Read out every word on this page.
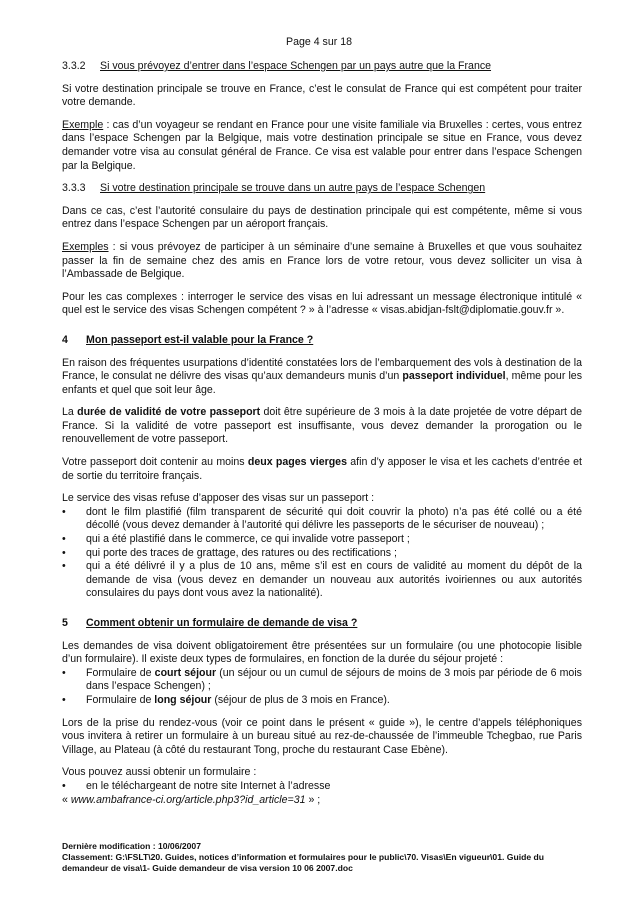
Page 4 sur 18
3.3.2	Si vous prévoyez d’entrer dans l’espace Schengen par un pays autre que la France

Si votre destination principale se trouve en France, c’est le consulat de France qui est compétent pour traiter votre demande.

Exemple : cas d’un voyageur se rendant en France pour une visite familiale via Bruxelles : certes, vous entrez dans l’espace Schengen par la Belgique, mais votre destination principale se situe en France, vous devez demander votre visa au consulat général de France. Ce visa est valable pour entrer dans l’espace Schengen par la Belgique.

3.3.3	Si votre destination principale se trouve dans un autre pays de l’espace Schengen

Dans ce cas, c’est l’autorité consulaire du pays de destination principale qui est compétente, même si vous entrez dans l’espace Schengen par un aéroport français.

Exemples : si vous prévoyez de participer à un séminaire d’une semaine à Bruxelles et que vous souhaitez passer la fin de semaine chez des amis en France lors de votre retour, vous devez solliciter un visa à l’Ambassade de Belgique.

Pour les cas complexes : interroger le service des visas en lui adressant un message électronique intitulé « quel est le service des visas Schengen compétent ? » à l’adresse « visas.abidjan-fslt@diplomatie.gouv.fr ».

4	Mon passeport est-il valable pour la France ?

En raison des fréquentes usurpations d’identité constatées lors de l’embarquement des vols à destination de la France, le consulat ne délivre des visas qu’aux demandeurs munis d’un passeport individuel, même pour les enfants et quel que soit leur âge.

La durée de validité de votre passeport doit être supérieure de 3 mois à la date projetée de votre départ de France. Si la validité de votre passeport est insuffisante, vous devez demander la prorogation ou le renouvellement de votre passeport.

Votre passeport doit contenir au moins deux pages vierges afin d’y apposer le visa et les cachets d’entrée et de sortie du territoire français.

Le service des visas refuse d’apposer des visas sur un passeport :

• dont le film plastifié (film transparent de sécurité qui doit couvrir la photo) n’a pas été collé ou a été décollé (vous devez demander à l’autorité qui délivre les passeports de le sécuriser de nouveau) ;
• qui a été plastifié dans le commerce, ce qui invalide votre passeport ;
• qui porte des traces de grattage, des ratures ou des rectifications ;
• qui a été délivré il y a plus de 10 ans, même s’il est en cours de validité au moment du dépôt de la demande de visa (vous devez en demander un nouveau aux autorités ivoiriennes ou aux autorités consulaires du pays dont vous avez la nationalité).
5	Comment obtenir un formulaire de demande de visa ?

Les demandes de visa doivent obligatoirement être présentées sur un formulaire (ou une photocopie lisible d’un formulaire). Il existe deux types de formulaires, en fonction de la durée du séjour projeté :

• Formulaire de court séjour (un séjour ou un cumul de séjours de moins de 3 mois par période de 6 mois dans l’espace Schengen) ;
• Formulaire de long séjour (séjour de plus de 3 mois en France).

Lors de la prise du rendez-vous (voir ce point dans le présent « guide »), le centre d’appels téléphoniques vous invitera à retirer un formulaire à un bureau situé au rez-de-chaussée de l’immeuble Tchegbao, rue Paris Village, au Plateau (à côté du restaurant Tong, proche du restaurant Case Ebène).

Vous pouvez aussi obtenir un formulaire :

• en le téléchargeant de notre site Internet à l’adresse
« www.ambafrance-ci.org/article.php3?id_article=31 » ;
Dernière modification : 10/06/2007
Classement: G:\FSLT\20. Guides, notices d’information et formulaires pour le public\70. Visas\En vigueur\01. Guide du demandeur de visa\1- Guide demandeur de visa version 10 06 2007.doc
